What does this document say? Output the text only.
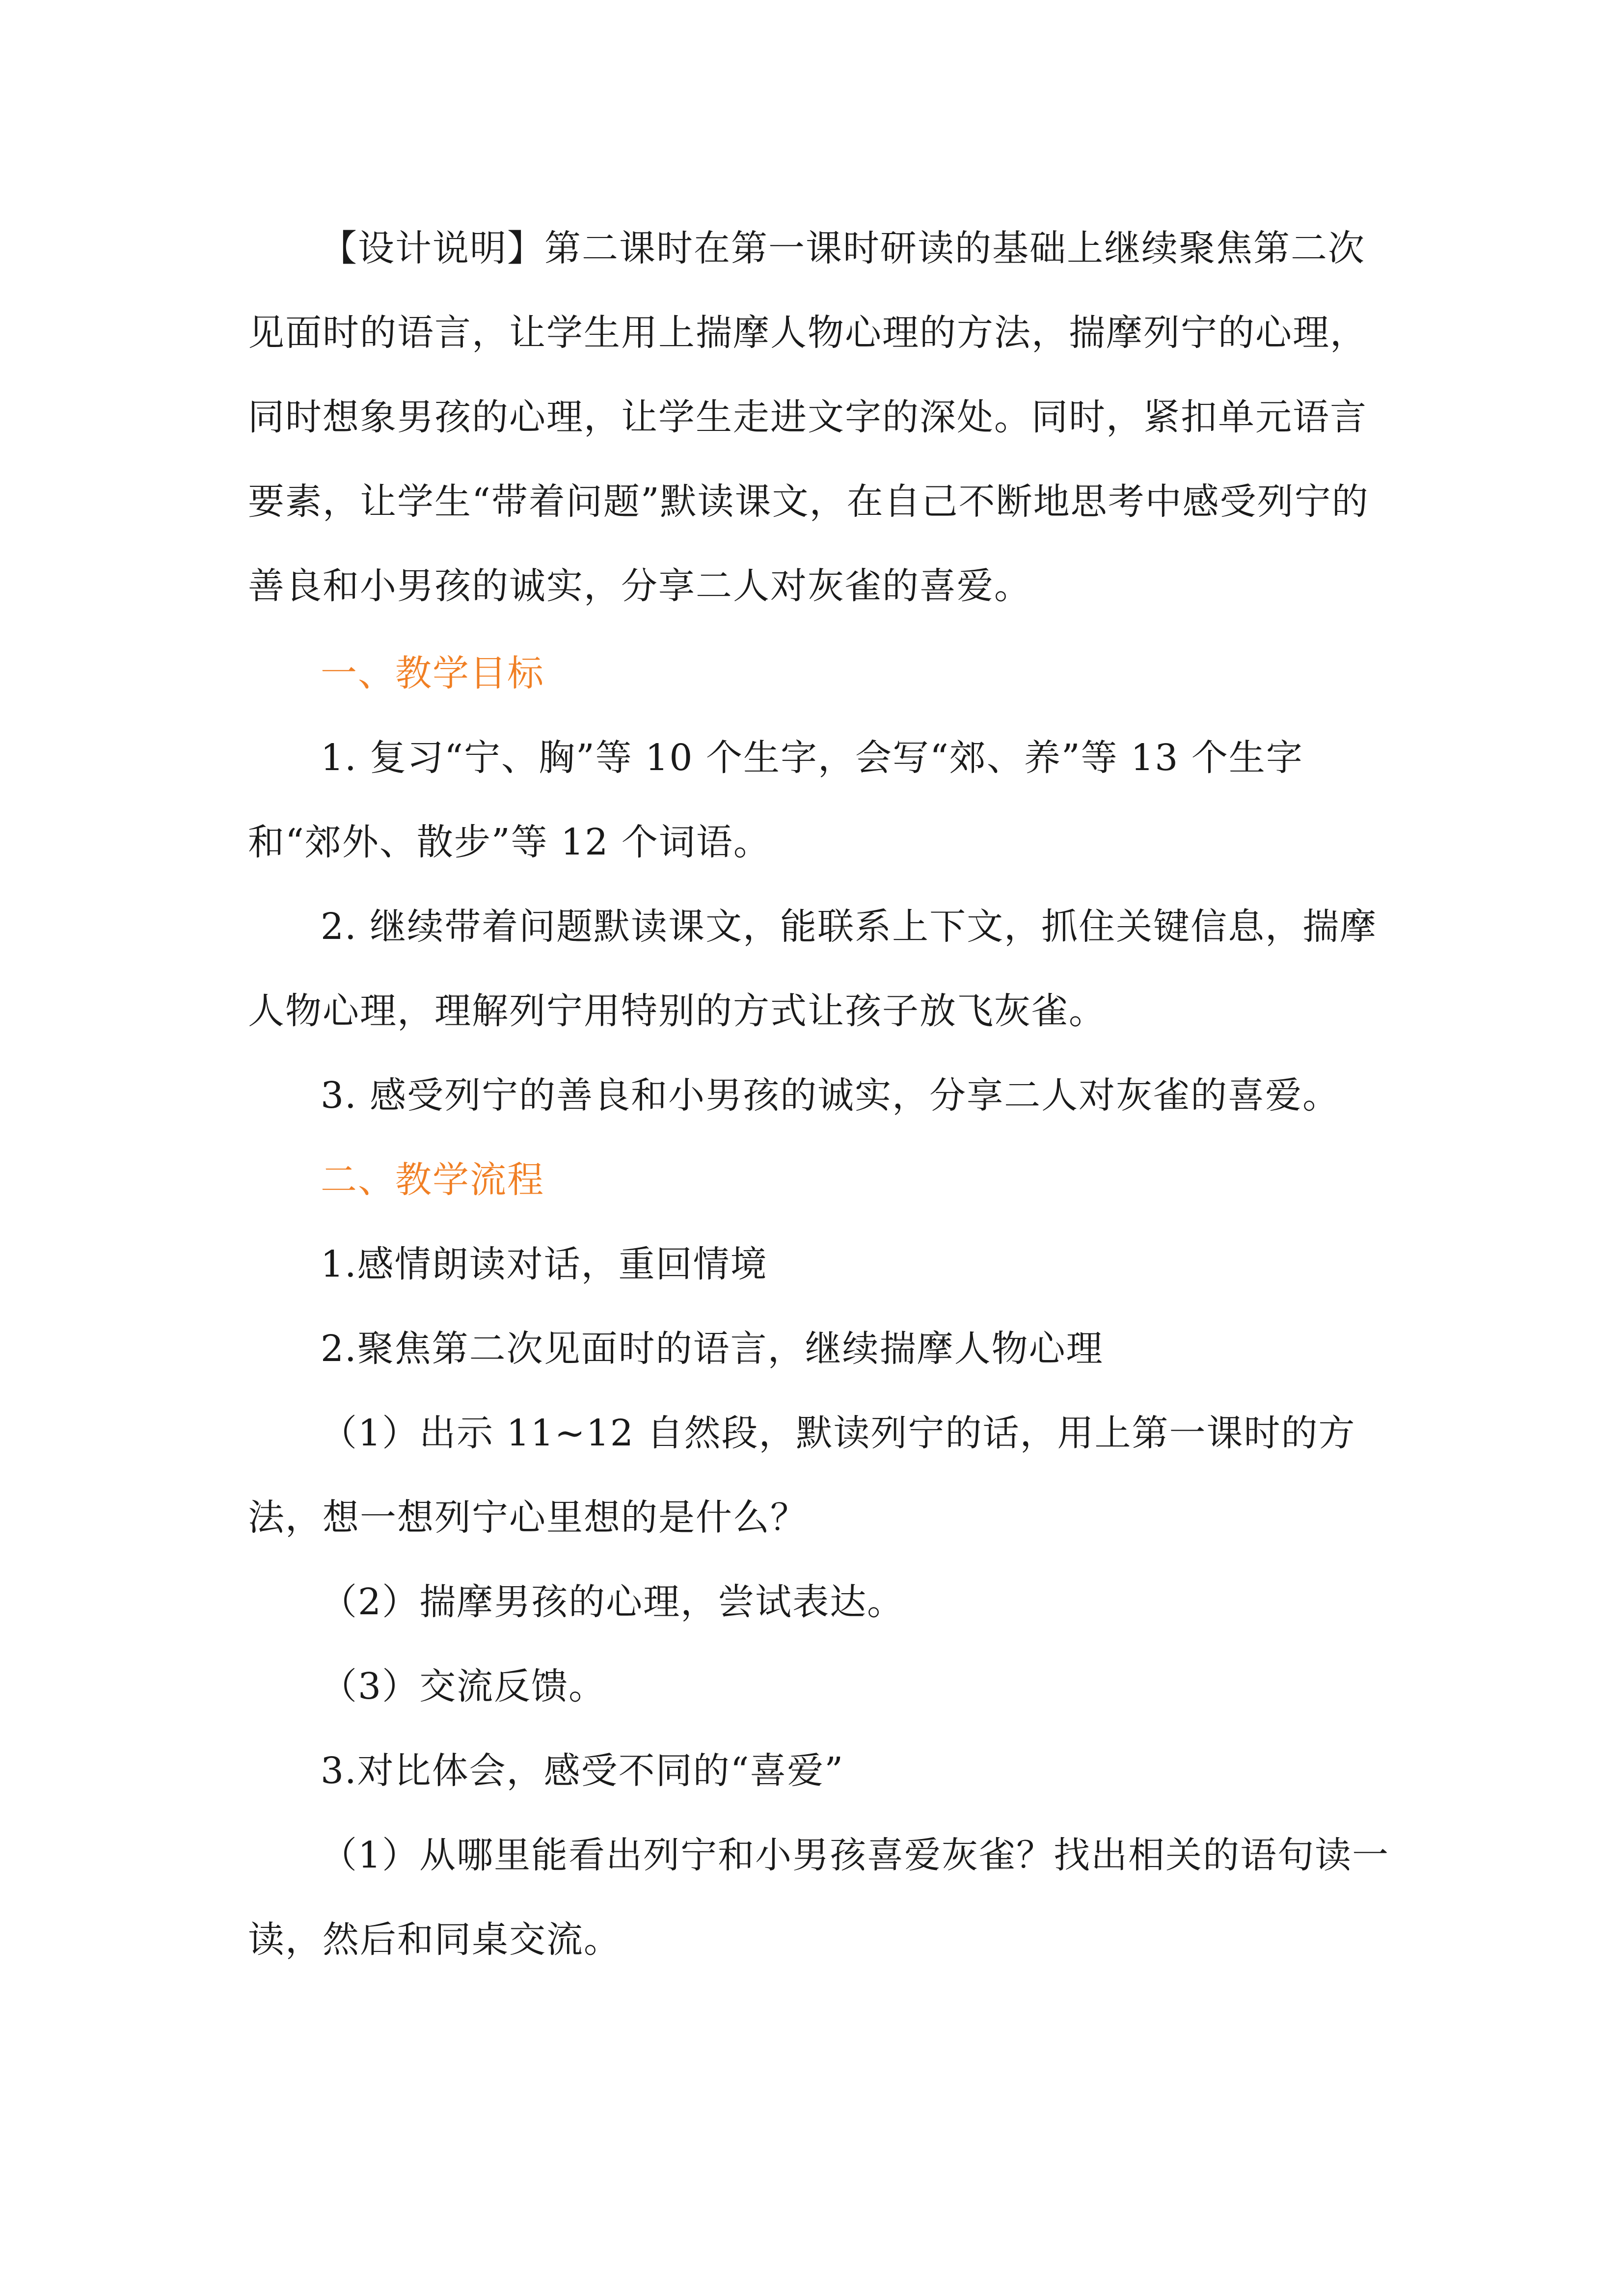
【设计说明】第二课时在第一课时研读的基础上继续聚焦第二次见面时的语言，让学生用上揣摩人物心理的方法，揣摩列宁的心理，同时想象男孩的心理，让学生走进文字的深处。同时，紧扣单元语言要素，让学生“带着问题”默读课文，在自己不断地思考中感受列宁的善良和小男孩的诚实，分享二人对灰雀的喜爱。

一、教学目标

1. 复习“宁、胸”等 10 个生字，会写“郊、养”等 13 个生字和“郊外、散步”等 12 个词语。

2. 继续带着问题默读课文，能联系上下文，抓住关键信息，揣摩人物心理，理解列宁用特别的方式让孩子放飞灰雀。

3. 感受列宁的善良和小男孩的诚实，分享二人对灰雀的喜爱。

二、教学流程

1.感情朗读对话，重回情境

2.聚焦第二次见面时的语言，继续揣摩人物心理

（1）出示 11~12 自然段，默读列宁的话，用上第一课时的方法，想一想列宁心里想的是什么？

（2）揣摩男孩的心理，尝试表达。

（3）交流反馈。

3.对比体会，感受不同的“喜爱”

（1）从哪里能看出列宁和小男孩喜爱灰雀？找出相关的语句读一读，然后和同桌交流。
